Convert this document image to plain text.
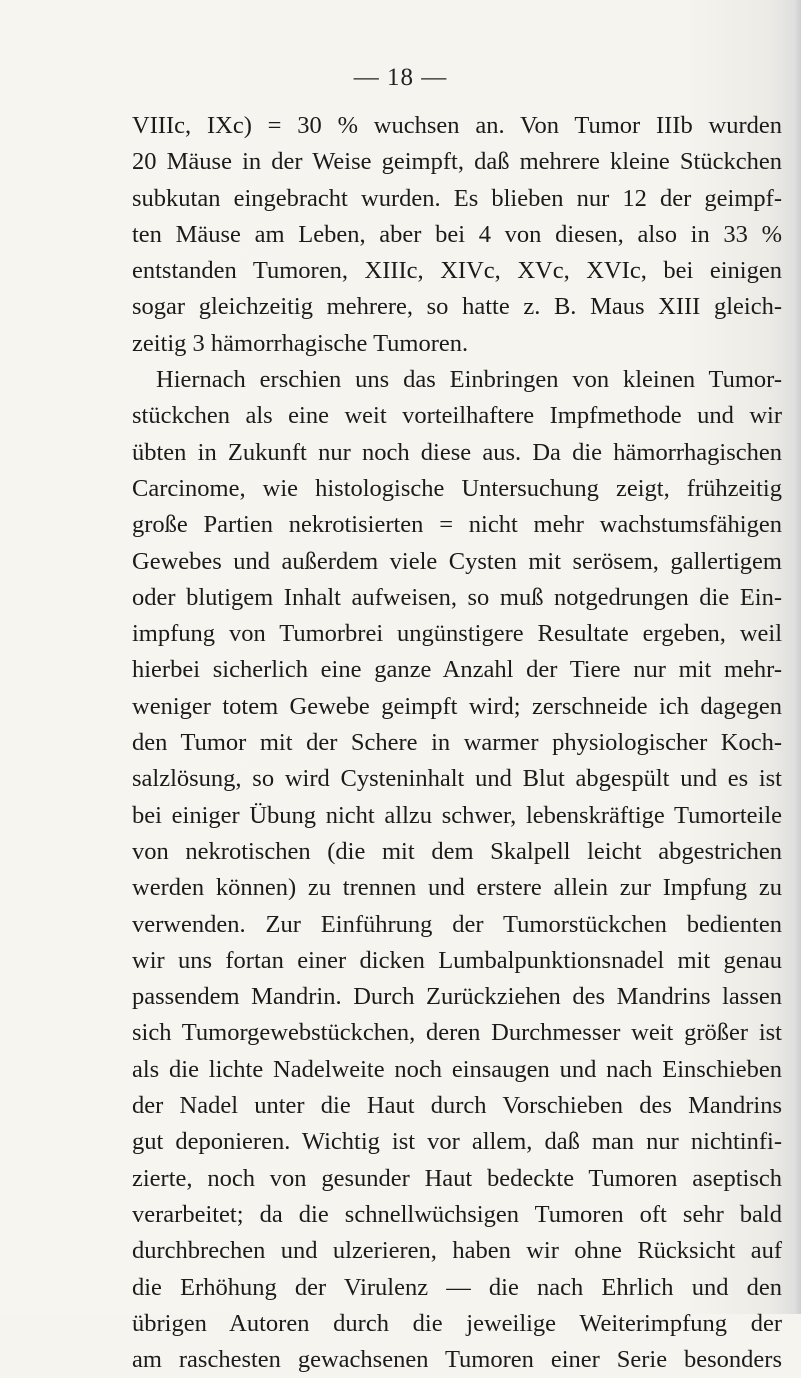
— 18 —
VIIIc, IXc) = 30 % wuchsen an. Von Tumor IIIb wurden
20 Mäuse in der Weise geimpft, daß mehrere kleine Stückchen
subkutan eingebracht wurden. Es blieben nur 12 der geimpf-
ten Mäuse am Leben, aber bei 4 von diesen, also in 33 %
entstanden Tumoren, XIIIc, XIVc, XVc, XVIc, bei einigen
sogar gleichzeitig mehrere, so hatte z. B. Maus XIII gleich-
zeitig 3 hämorrhagische Tumoren.
Hiernach erschien uns das Einbringen von kleinen Tumor-
stückchen als eine weit vorteilhaftere Impfmethode und wir
übten in Zukunft nur noch diese aus. Da die hämorrhagischen
Carcinome, wie histologische Untersuchung zeigt, frühzeitig
große Partien nekrotisierten = nicht mehr wachstumsfähigen
Gewebes und außerdem viele Cysten mit serösem, gallertigem
oder blutigem Inhalt aufweisen, so muß notgedrungen die Ein-
impfung von Tumorbrei ungünstigere Resultate ergeben, weil
hierbei sicherlich eine ganze Anzahl der Tiere nur mit mehr-
weniger totem Gewebe geimpft wird; zerschneide ich dagegen
den Tumor mit der Schere in warmer physiologischer Koch-
salzlösung, so wird Cysteninhalt und Blut abgespült und es ist
bei einiger Übung nicht allzu schwer, lebenskräftige Tumorteile
von nekrotischen (die mit dem Skalpell leicht abgestrichen
werden können) zu trennen und erstere allein zur Impfung zu
verwenden. Zur Einführung der Tumorstückchen bedienten
wir uns fortan einer dicken Lumbalpunktionsnadel mit genau
passendem Mandrin. Durch Zurückziehen des Mandrins lassen
sich Tumorgewebstückchen, deren Durchmesser weit größer ist
als die lichte Nadelweite noch einsaugen und nach Einschieben
der Nadel unter die Haut durch Vorschieben des Mandrins
gut deponieren. Wichtig ist vor allem, daß man nur nichtinfi-
zierte, noch von gesunder Haut bedeckte Tumoren aseptisch
verarbeitet; da die schnellwüchsigen Tumoren oft sehr bald
durchbrechen und ulzerieren, haben wir ohne Rücksicht auf
die Erhöhung der Virulenz — die nach Ehrlich und den
übrigen Autoren durch die jeweilige Weiterimpfung der
am raschesten gewachsenen Tumoren einer Serie besonders
